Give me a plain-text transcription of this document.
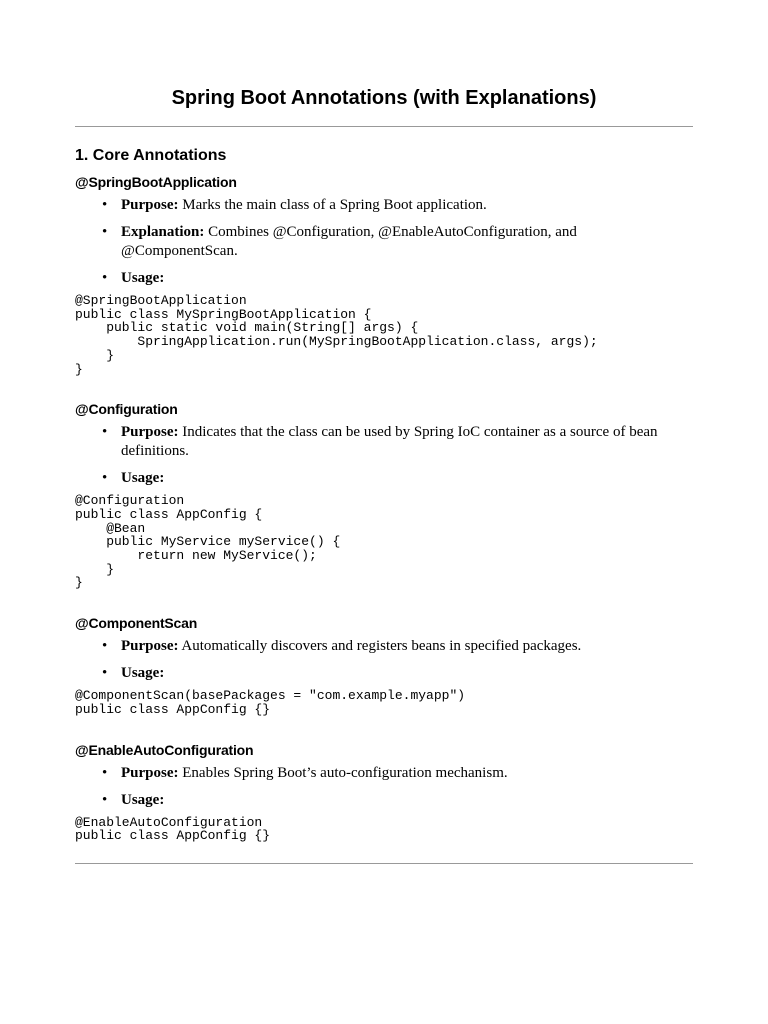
Spring Boot Annotations (with Explanations)
1. Core Annotations
@SpringBootApplication
• Purpose: Marks the main class of a Spring Boot application.
• Explanation: Combines @Configuration, @EnableAutoConfiguration, and @ComponentScan.
• Usage:
@SpringBootApplication
public class MySpringBootApplication {
public static void main(String[] args) {
SpringApplication.run(MySpringBootApplication.class, args);
}
}
@Configuration
• Purpose: Indicates that the class can be used by Spring IoC container as a source of bean definitions.
• Usage:
@Configuration
public class AppConfig {
@Bean
public MyService myService() {
return new MyService();
}
}
@ComponentScan
• Purpose: Automatically discovers and registers beans in specified packages.
• Usage:
@ComponentScan(basePackages = "com.example.myapp")
public class AppConfig {}
@EnableAutoConfiguration
• Purpose: Enables Spring Boot’s auto-configuration mechanism.
• Usage:
@EnableAutoConfiguration
public class AppConfig {}
